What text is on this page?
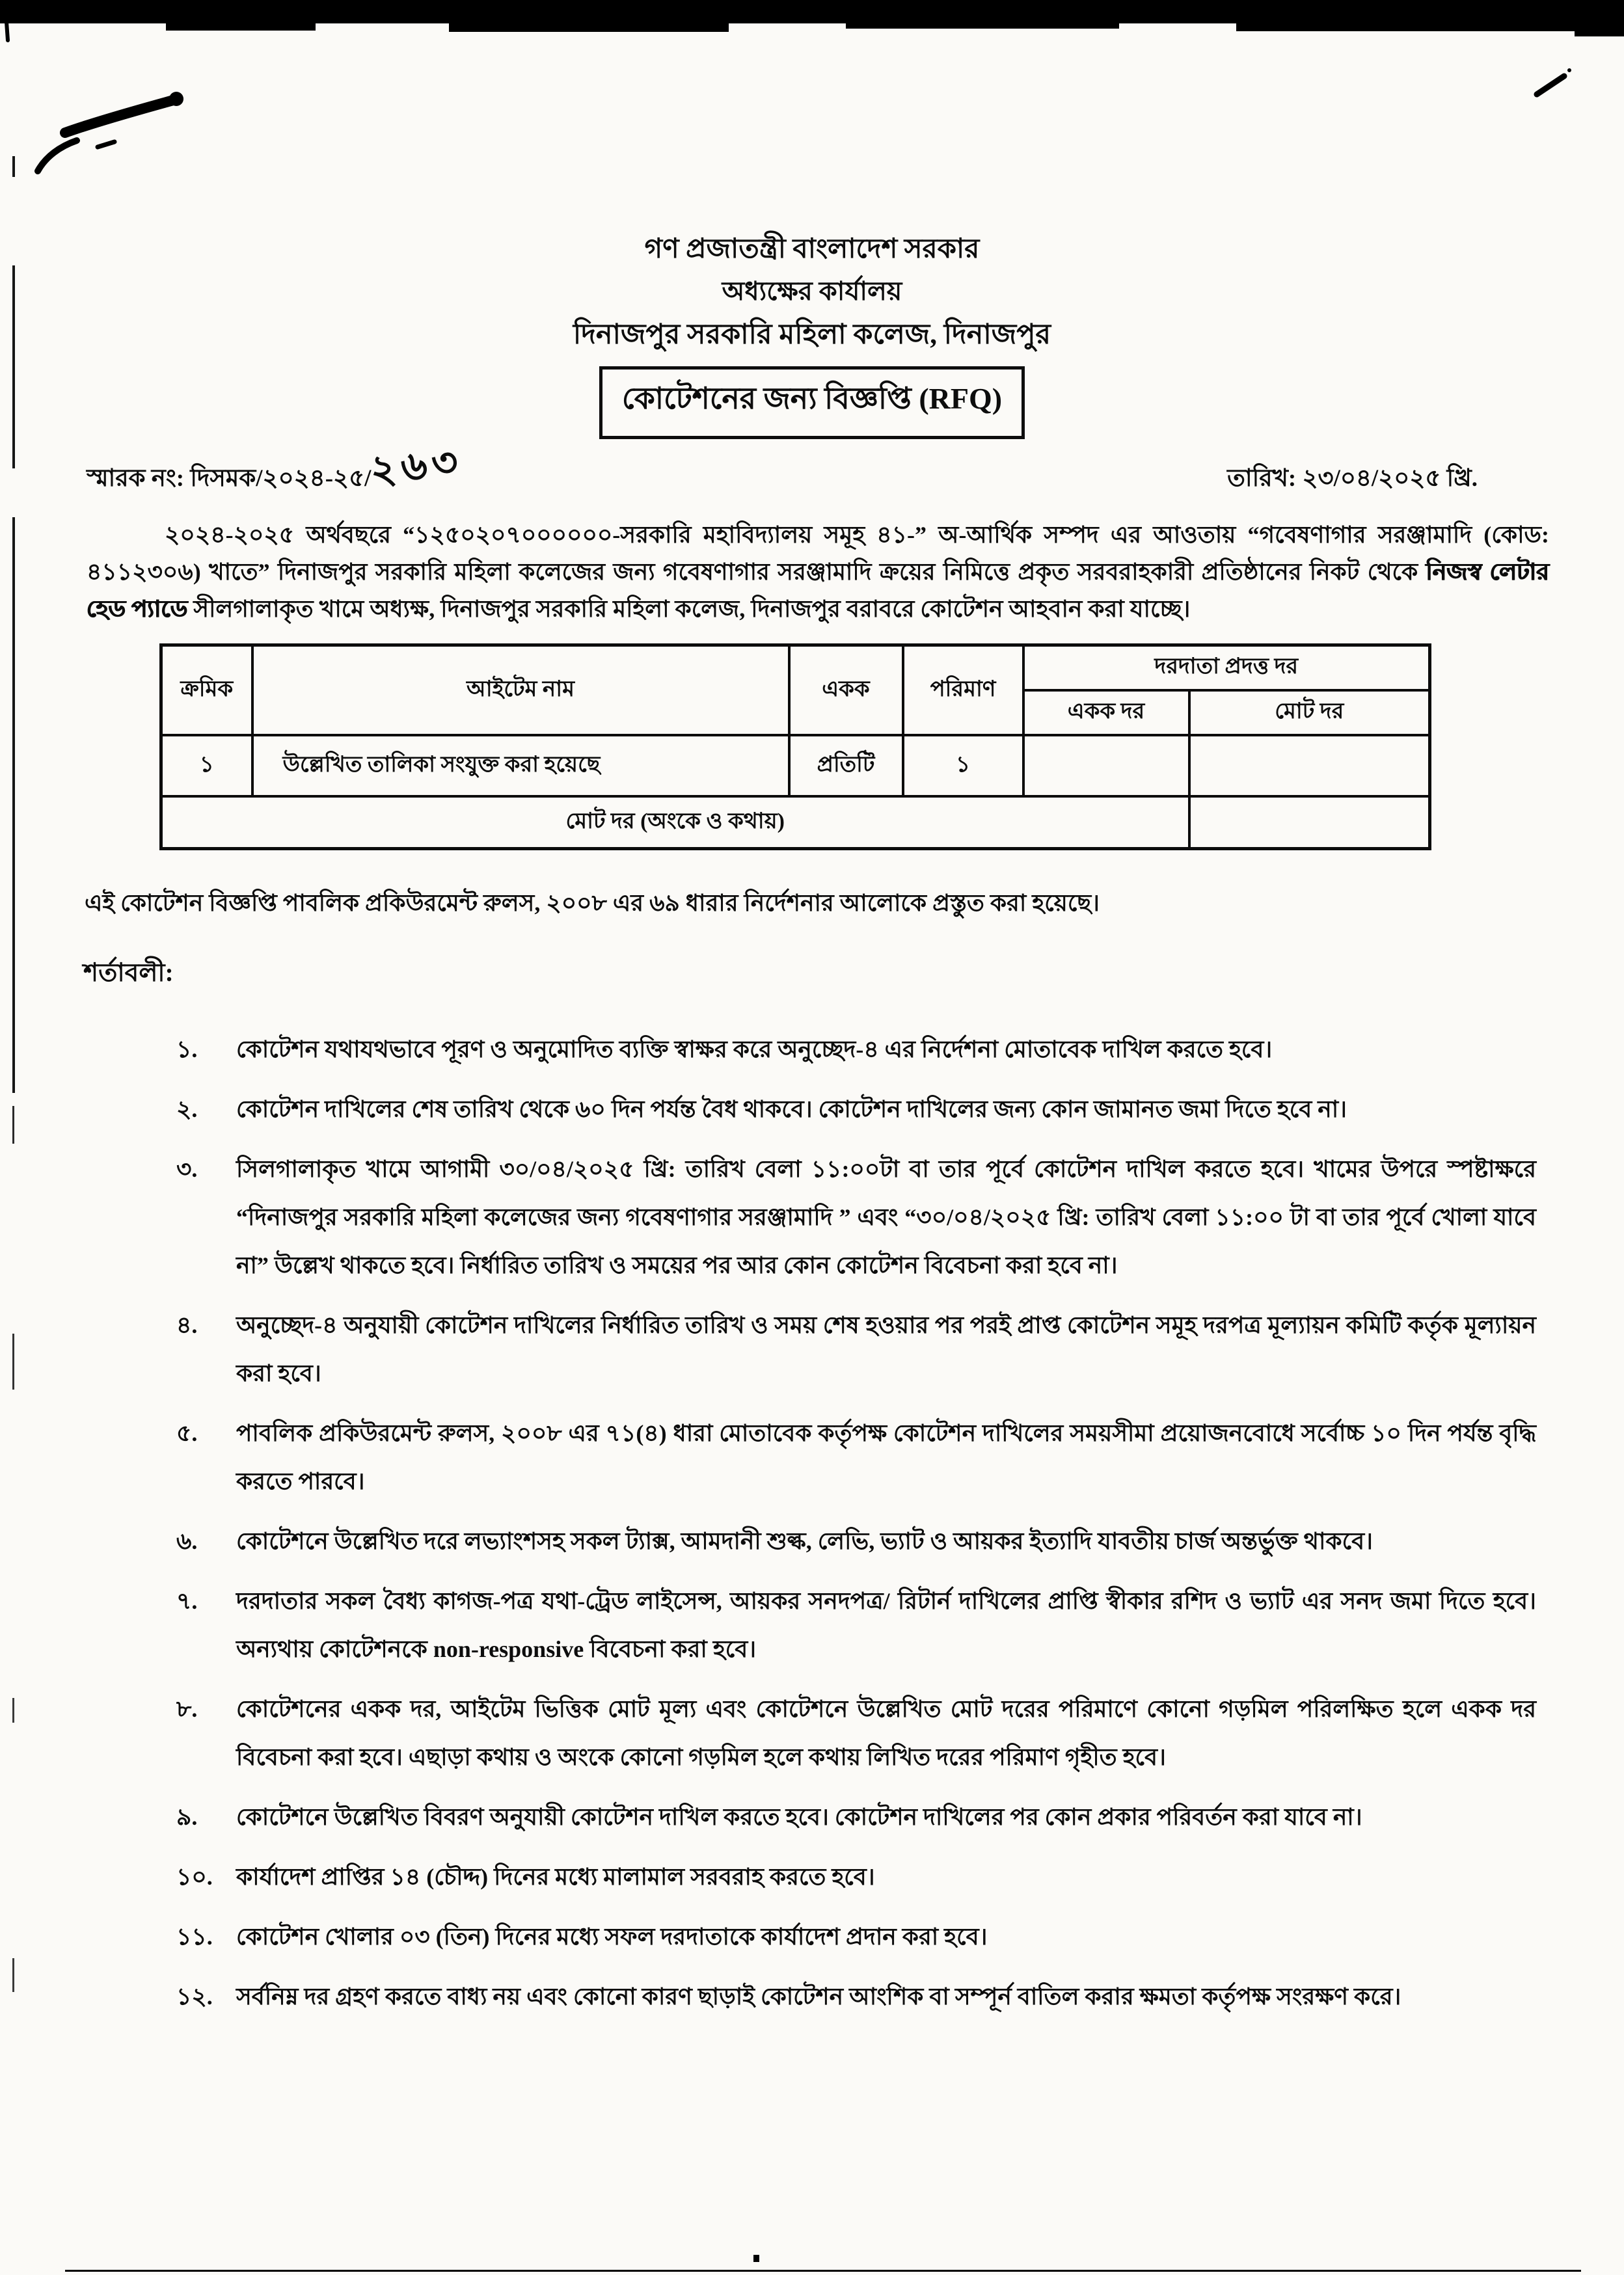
গণ প্রজাতন্ত্রী বাংলাদেশ সরকার
অধ্যক্ষের কার্যালয়
দিনাজপুর সরকারি মহিলা কলেজ, দিনাজপুর
কোটেশনের জন্য বিজ্ঞপ্তি (RFQ)
স্মারক নং: দিসমক/২০২৪-২৫/২৬৩	তারিখ: ২৩/০৪/২০২৫ খ্রি.

২০২৪-২০২৫ অর্থবছরে “১২৫০২০৭০০০০০০-সরকারি মহাবিদ্যালয় সমূহ ৪১-” অ-আর্থিক সম্পদ এর আওতায় “গবেষণাগার সরঞ্জামাদি (কোড: ৪১১২৩০৬) খাতে” দিনাজপুর সরকারি মহিলা কলেজের জন্য গবেষণাগার সরঞ্জামাদি ক্রয়ের নিমিত্তে প্রকৃত সরবরাহকারী প্রতিষ্ঠানের নিকট থেকে নিজস্ব লেটার হেড প্যাডে সীলগালাকৃত খামে অধ্যক্ষ, দিনাজপুর সরকারি মহিলা কলেজ, দিনাজপুর বরাবরে কোটেশন আহবান করা যাচ্ছে।

ক্রমিক	আইটেম নাম	একক	পরিমাণ	দরদাতা প্রদত্ত দর	
				একক দর	মোট দর
১	উল্লেখিত তালিকা সংযুক্ত করা হয়েছে	প্রতিটি	১		
মোট দর (অংকে ও কথায়)					

এই কোটেশন বিজ্ঞপ্তি পাবলিক প্রকিউরমেন্ট রুলস, ২০০৮ এর ৬৯ ধারার নির্দেশনার আলোকে প্রস্তুত করা হয়েছে।

শর্তাবলী:
১.	কোটেশন যথাযথভাবে পূরণ ও অনুমোদিত ব্যক্তি স্বাক্ষর করে অনুচ্ছেদ-৪ এর নির্দেশনা মোতাবেক দাখিল করতে হবে।
২.	কোটেশন দাখিলের শেষ তারিখ থেকে ৬০ দিন পর্যন্ত বৈধ থাকবে। কোটেশন দাখিলের জন্য কোন জামানত জমা দিতে হবে না।
৩.	সিলগালাকৃত খামে আগামী ৩০/০৪/২০২৫ খ্রি: তারিখ বেলা ১১:০০টা বা তার পূর্বে কোটেশন দাখিল করতে হবে। খামের উপরে স্পষ্টাক্ষরে “দিনাজপুর সরকারি মহিলা কলেজের জন্য গবেষণাগার সরঞ্জামাদি ” এবং “৩০/০৪/২০২৫ খ্রি: তারিখ বেলা ১১:০০ টা বা তার পূর্বে খোলা যাবে না” উল্লেখ থাকতে হবে। নির্ধারিত তারিখ ও সময়ের পর আর কোন কোটেশন বিবেচনা করা হবে না।
৪.	অনুচ্ছেদ-৪ অনুযায়ী কোটেশন দাখিলের নির্ধারিত তারিখ ও সময় শেষ হওয়ার পর পরই প্রাপ্ত কোটেশন সমূহ দরপত্র মূল্যায়ন কমিটি কর্তৃক মূল্যায়ন করা হবে।
৫.	পাবলিক প্রকিউরমেন্ট রুলস, ২০০৮ এর ৭১(৪) ধারা মোতাবেক কর্তৃপক্ষ কোটেশন দাখিলের সময়সীমা প্রয়োজনবোধে সর্বোচ্চ ১০ দিন পর্যন্ত বৃদ্ধি করতে পারবে।
৬.	কোটেশনে উল্লেখিত দরে লভ্যাংশসহ সকল ট্যাক্স, আমদানী শুল্ক, লেভি, ভ্যাট ও আয়কর ইত্যাদি যাবতীয় চার্জ অন্তর্ভুক্ত থাকবে।
৭.	দরদাতার সকল বৈধ্য কাগজ-পত্র যথা-ট্রেড লাইসেন্স, আয়কর সনদপত্র/ রিটার্ন দাখিলের প্রাপ্তি স্বীকার রশিদ ও ভ্যাট এর সনদ জমা দিতে হবে। অন্যথায় কোটেশনকে non-responsive বিবেচনা করা হবে।
৮.	কোটেশনের একক দর, আইটেম ভিত্তিক মোট মূল্য এবং কোটেশনে উল্লেখিত মোট দরের পরিমাণে কোনো গড়মিল পরিলক্ষিত হলে একক দর বিবেচনা করা হবে। এছাড়া কথায় ও অংকে কোনো গড়মিল হলে কথায় লিখিত দরের পরিমাণ গৃহীত হবে।
৯.	কোটেশনে উল্লেখিত বিবরণ অনুযায়ী কোটেশন দাখিল করতে হবে। কোটেশন দাখিলের পর কোন প্রকার পরিবর্তন করা যাবে না।
১০.	কার্যাদেশ প্রাপ্তির ১৪ (চৌদ্দ) দিনের মধ্যে মালামাল সরবরাহ করতে হবে।
১১.	কোটেশন খোলার ০৩ (তিন) দিনের মধ্যে সফল দরদাতাকে কার্যাদেশ প্রদান করা হবে।
১২.	সর্বনিম্ন দর গ্রহণ করতে বাধ্য নয় এবং কোনো কারণ ছাড়াই কোটেশন আংশিক বা সম্পূর্ন বাতিল করার ক্ষমতা কর্তৃপক্ষ সংরক্ষণ করে।
